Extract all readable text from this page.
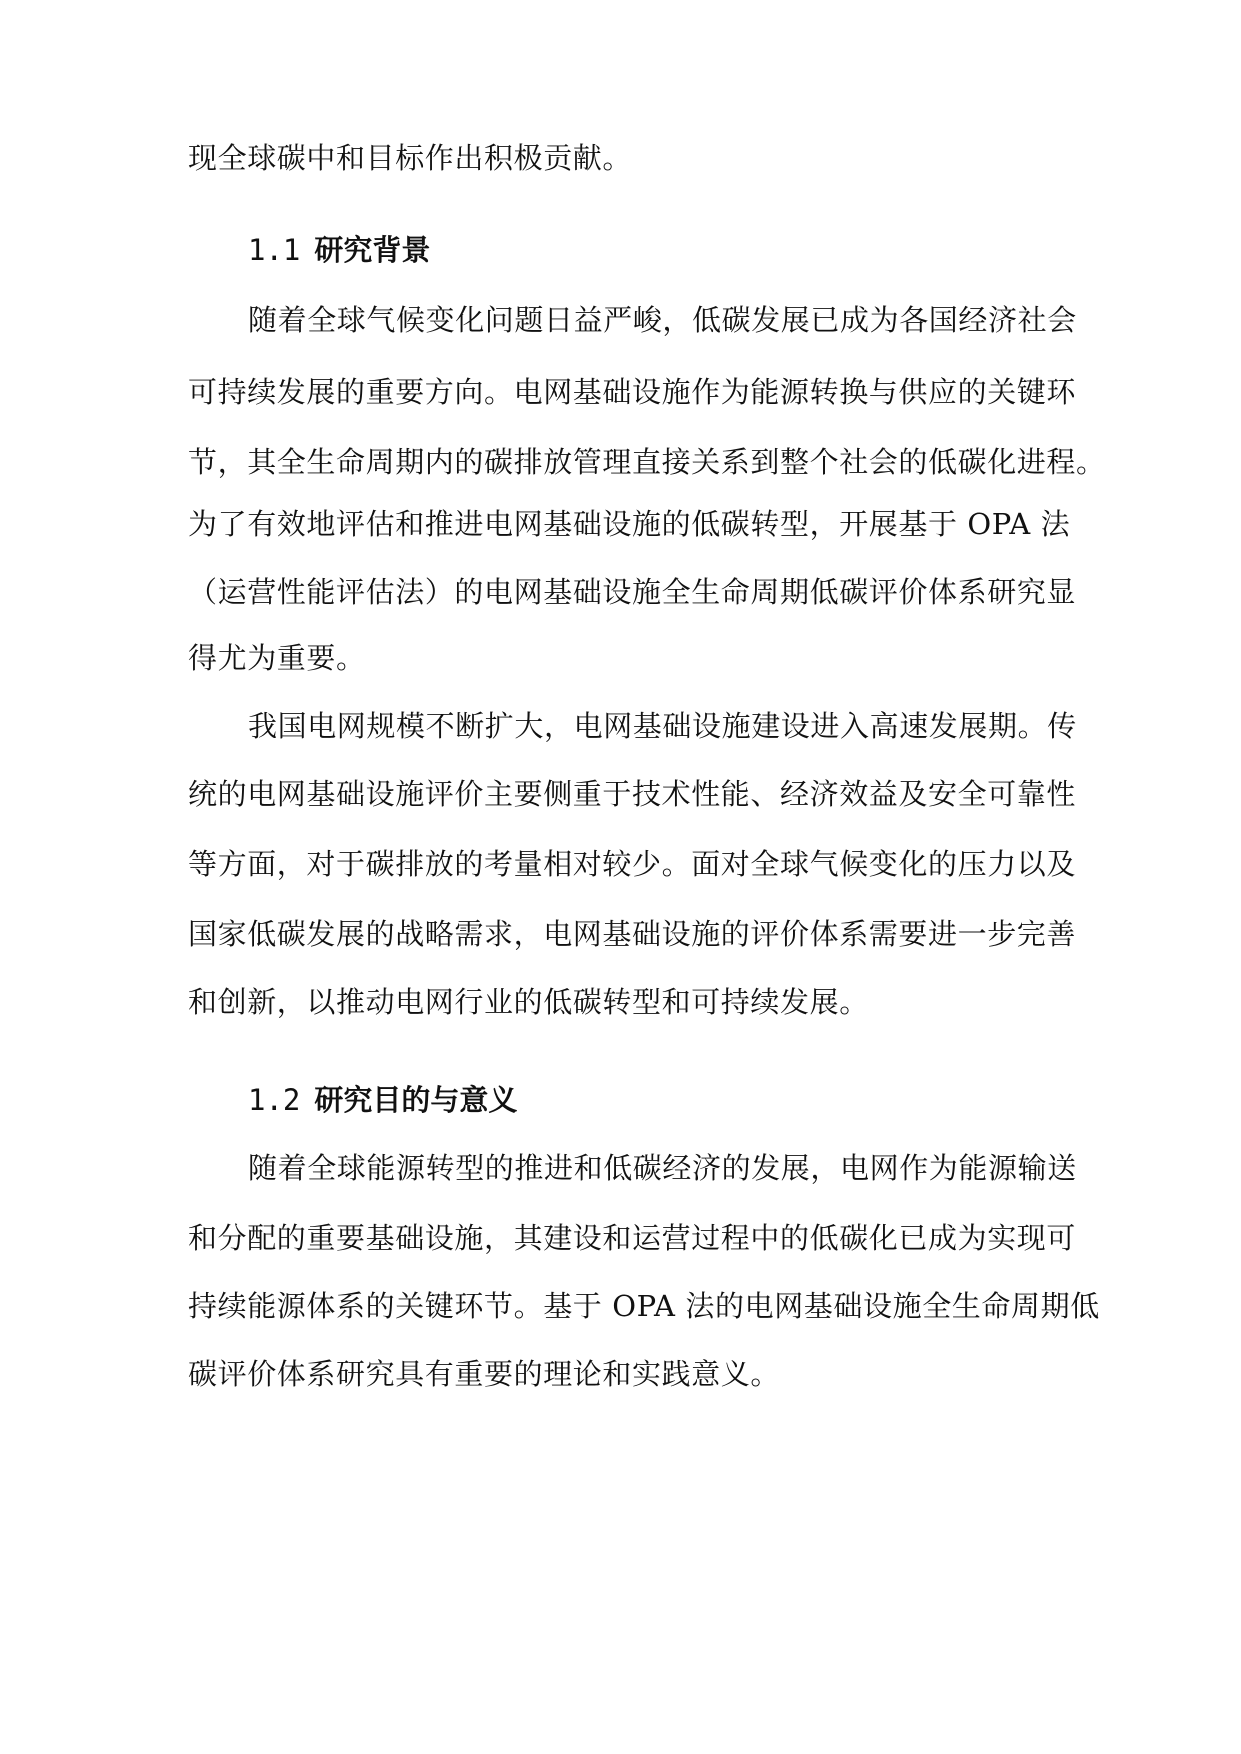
现全球碳中和目标作出积极贡献。
1.1 研究背景
随着全球气候变化问题日益严峻，低碳发展已成为各国经济社会
可持续发展的重要方向。电网基础设施作为能源转换与供应的关键环
节，其全生命周期内的碳排放管理直接关系到整个社会的低碳化进程。
为了有效地评估和推进电网基础设施的低碳转型，开展基于 OPA 法
（运营性能评估法）的电网基础设施全生命周期低碳评价体系研究显
得尤为重要。
我国电网规模不断扩大，电网基础设施建设进入高速发展期。传
统的电网基础设施评价主要侧重于技术性能、经济效益及安全可靠性
等方面，对于碳排放的考量相对较少。面对全球气候变化的压力以及
国家低碳发展的战略需求，电网基础设施的评价体系需要进一步完善
和创新，以推动电网行业的低碳转型和可持续发展。
1.2 研究目的与意义
随着全球能源转型的推进和低碳经济的发展，电网作为能源输送
和分配的重要基础设施，其建设和运营过程中的低碳化已成为实现可
持续能源体系的关键环节。基于 OPA 法的电网基础设施全生命周期低
碳评价体系研究具有重要的理论和实践意义。
